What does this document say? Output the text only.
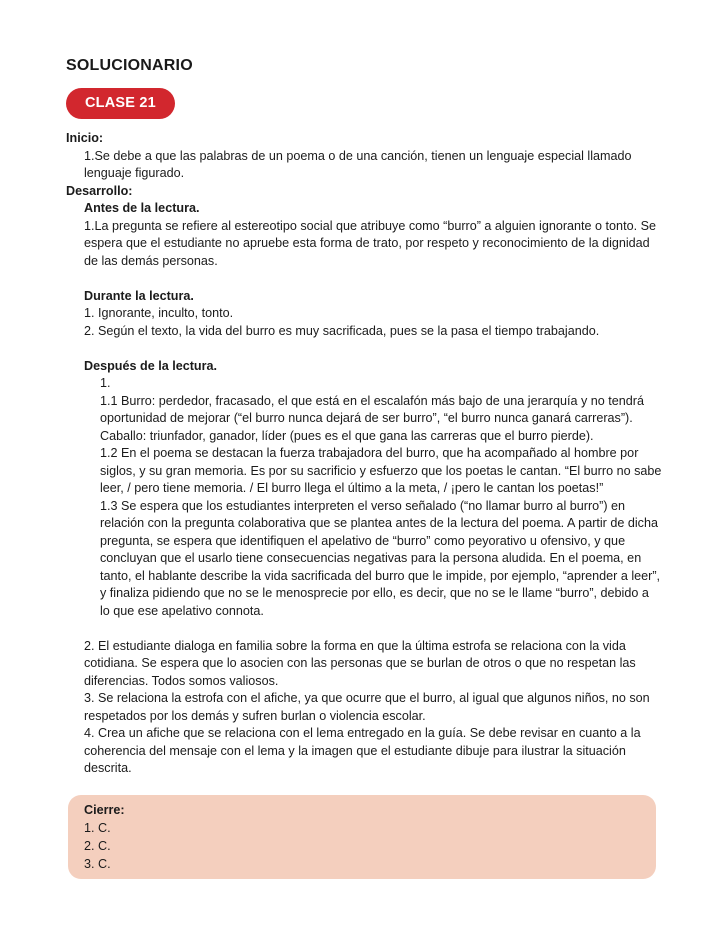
SOLUCIONARIO
CLASE 21
Inicio:
1.Se debe a que las palabras de un poema o de una canción, tienen un lenguaje especial llamado lenguaje figurado.
Desarrollo:
Antes de la lectura.
1.La pregunta se refiere al estereotipo social que atribuye como “burro” a alguien ignorante o tonto. Se espera que el estudiante no apruebe esta forma de trato, por respeto y reconocimiento de la dignidad de las demás personas.
Durante la lectura.
1. Ignorante, inculto, tonto.
2. Según el texto, la vida del burro es muy sacrificada, pues se la pasa el tiempo trabajando.
Después de la lectura.
1.
1.1 Burro: perdedor, fracasado, el que está en el escalafón más bajo de una jerarquía y no tendrá oportunidad de mejorar (“el burro nunca dejará de ser burro”, “el burro nunca ganará carreras”). Caballo: triunfador, ganador, líder (pues es el que gana las carreras que el burro pierde).
1.2 En el poema se destacan la fuerza trabajadora del burro, que ha acompañado al hombre por siglos, y su gran memoria. Es por su sacrificio y esfuerzo que los poetas le cantan. “El burro no sabe leer, / pero tiene memoria. / El burro llega el último a la meta, / ¡pero le cantan los poetas!”
1.3 Se espera que los estudiantes interpreten el verso señalado (“no llamar burro al burro”) en relación con la pregunta colaborativa que se plantea antes de la lectura del poema. A partir de dicha pregunta, se espera que identifiquen el apelativo de “burro” como peyorativo u ofensivo, y que concluyan que el usarlo tiene consecuencias negativas para la persona aludida. En el poema, en tanto, el hablante describe la vida sacrificada del burro que le impide, por ejemplo, “aprender a leer”, y finaliza pidiendo que no se le menosprecie por ello, es decir, que no se le llame “burro”, debido a lo que ese apelativo connota.
2. El estudiante dialoga en familia sobre la forma en que la última estrofa se relaciona con la vida cotidiana. Se espera que lo asocien con las personas que se burlan de otros o que no respetan las diferencias. Todos somos valiosos.
3. Se relaciona la estrofa con el afiche, ya que ocurre que el burro, al igual que algunos niños, no son respetados por los demás y sufren burlan o violencia escolar.
4. Crea un afiche que se relaciona con el lema entregado en la guía. Se debe revisar en cuanto a la coherencia del mensaje con el lema y la imagen que el estudiante dibuje para ilustrar la situación descrita.
Cierre:
1. C.
2. C.
3. C.
